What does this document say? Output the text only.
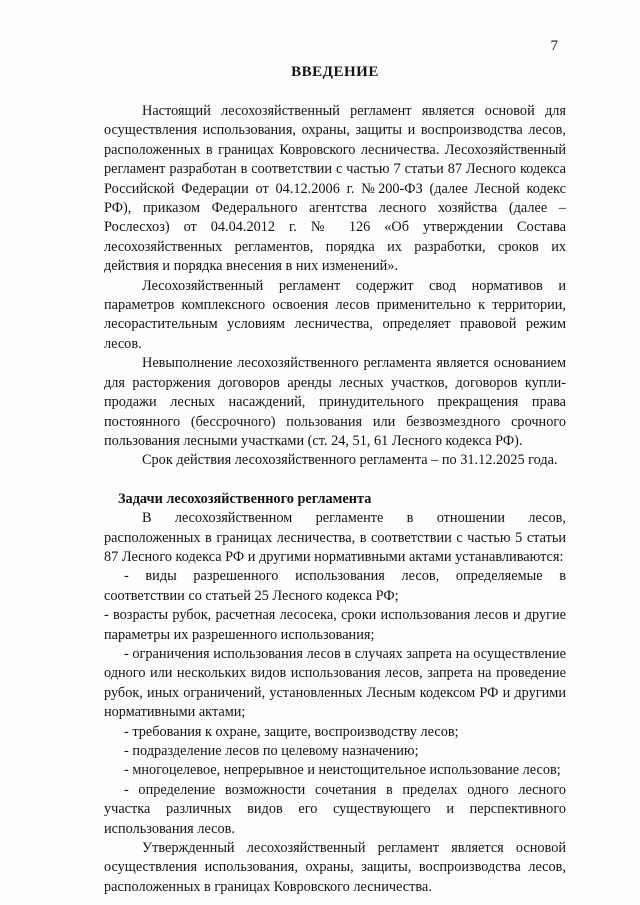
7
ВВЕДЕНИЕ

Настоящий лесохозяйственный регламент является основой для осуществления использования, охраны, защиты и воспроизводства лесов, расположенных в границах Ковровского лесничества. Лесохозяйственный регламент разработан в соответствии с частью 7 статьи 87 Лесного кодекса Российской Федерации от 04.12.2006 г. №200-ФЗ (далее Лесной кодекс РФ), приказом Федерального агентства лесного хозяйства (далее – Рослесхоз) от 04.04.2012 г. № 126 «Об утверждении Состава лесохозяйственных регламентов, порядка их разработки, сроков их действия и порядка внесения в них изменений».

Лесохозяйственный регламент содержит свод нормативов и параметров комплексного освоения лесов применительно к территории, лесорастительным условиям лесничества, определяет правовой режим лесов.

Невыполнение лесохозяйственного регламента является основанием для расторжения договоров аренды лесных участков, договоров купли-продажи лесных насаждений, принудительного прекращения права постоянного (бессрочного) пользования или безвозмездного срочного пользования лесными участками (ст. 24, 51, 61 Лесного кодекса РФ).

Срок действия лесохозяйственного регламента – по 31.12.2025 года.

Задачи лесохозяйственного регламента

В лесохозяйственном регламенте в отношении лесов, расположенных в границах лесничества, в соответствии с частью 5 статьи 87 Лесного кодекса РФ и другими нормативными актами устанавливаются:

- виды разрешенного использования лесов, определяемые в соответствии со статьей 25 Лесного кодекса РФ;

- возрасты рубок, расчетная лесосека, сроки использования лесов и другие параметры их разрешенного использования;

- ограничения использования лесов в случаях запрета на осуществление одного или нескольких видов использования лесов, запрета на проведение рубок, иных ограничений, установленных Лесным кодексом РФ и другими нормативными актами;

- требования к охране, защите, воспроизводству лесов;

- подразделение лесов по целевому назначению;

- многоцелевое, непрерывное и неистощительное использование лесов;

- определение возможности сочетания в пределах одного лесного участка различных видов его существующего и перспективного использования лесов.

Утвержденный лесохозяйственный регламент является основой осуществления использования, охраны, защиты, воспроизводства лесов, расположенных в границах Ковровского лесничества.
